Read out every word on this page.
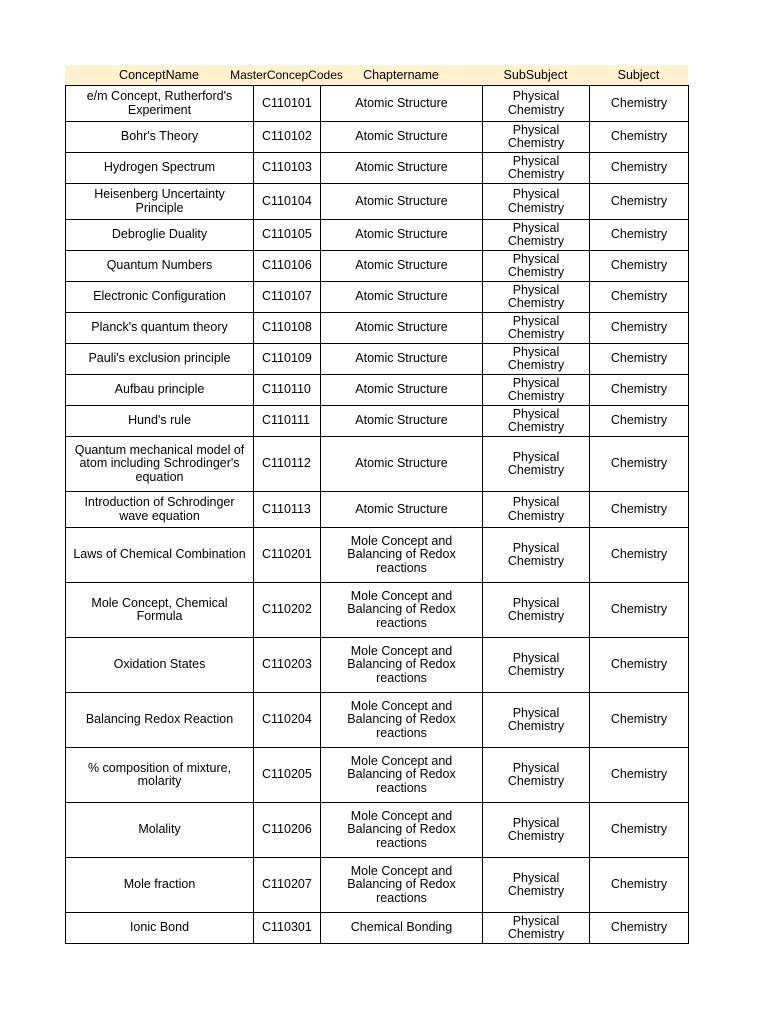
ConceptName	MasterConcepCodes	Chaptername	SubSubject	Subject
e/m Concept, Rutherford's Experiment	C110101	Atomic Structure	Physical Chemistry	Chemistry
Bohr's Theory	C110102	Atomic Structure	Physical Chemistry	Chemistry
Hydrogen Spectrum	C110103	Atomic Structure	Physical Chemistry	Chemistry
Heisenberg Uncertainty Principle	C110104	Atomic Structure	Physical Chemistry	Chemistry
Debroglie Duality	C110105	Atomic Structure	Physical Chemistry	Chemistry
Quantum Numbers	C110106	Atomic Structure	Physical Chemistry	Chemistry
Electronic Configuration	C110107	Atomic Structure	Physical Chemistry	Chemistry
Planck's quantum theory	C110108	Atomic Structure	Physical Chemistry	Chemistry
Pauli's exclusion principle	C110109	Atomic Structure	Physical Chemistry	Chemistry
Aufbau principle	C110110	Atomic Structure	Physical Chemistry	Chemistry
Hund's rule	C110111	Atomic Structure	Physical Chemistry	Chemistry
Quantum mechanical model of atom including Schrodinger's equation	C110112	Atomic Structure	Physical Chemistry	Chemistry
Introduction of Schrodinger wave equation	C110113	Atomic Structure	Physical Chemistry	Chemistry
Laws of Chemical Combination	C110201	Mole Concept and Balancing of Redox reactions	Physical Chemistry	Chemistry
Mole Concept, Chemical Formula	C110202	Mole Concept and Balancing of Redox reactions	Physical Chemistry	Chemistry
Oxidation States	C110203	Mole Concept and Balancing of Redox reactions	Physical Chemistry	Chemistry
Balancing Redox Reaction	C110204	Mole Concept and Balancing of Redox reactions	Physical Chemistry	Chemistry
% composition of mixture, molarity	C110205	Mole Concept and Balancing of Redox reactions	Physical Chemistry	Chemistry
Molality	C110206	Mole Concept and Balancing of Redox reactions	Physical Chemistry	Chemistry
Mole fraction	C110207	Mole Concept and Balancing of Redox reactions	Physical Chemistry	Chemistry
Ionic Bond	C110301	Chemical Bonding	Physical Chemistry	Chemistry
